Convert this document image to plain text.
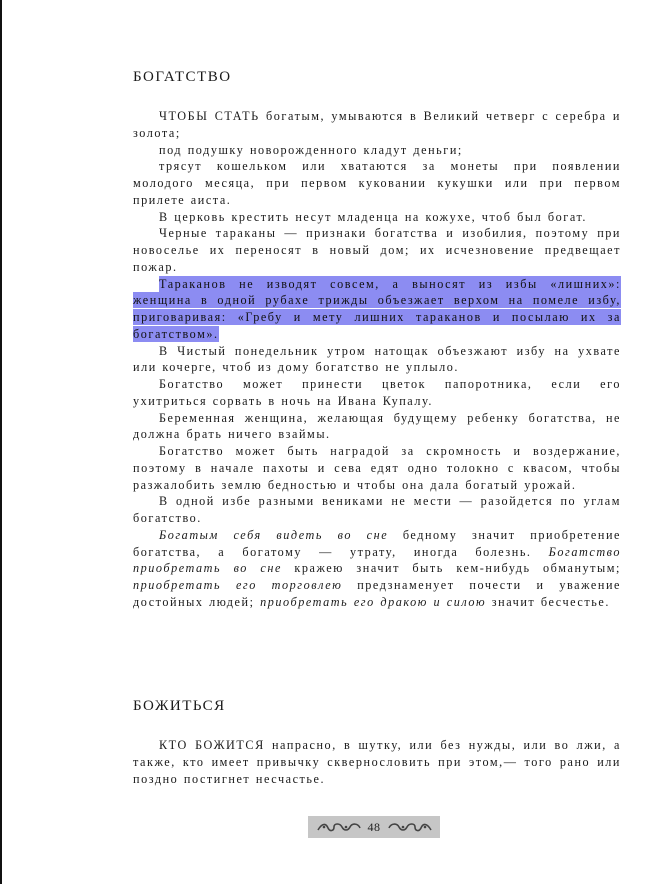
БОГАТСТВО

ЧТОБЫ СТАТЬ богатым, умываются в Великий четверг с серебра и золота;

под подушку новорожденного кладут деньги;

трясут кошельком или хватаются за монеты при появлении молодого месяца, при первом куковании кукушки или при первом прилете аиста.

В церковь крестить несут младенца на кожухе, чтоб был богат.

Черные тараканы — признаки богатства и изобилия, поэтому при новоселье их переносят в новый дом; их исчезновение предвещает пожар.

Тараканов не изводят совсем, а выносят из избы «лишних»: женщина в одной рубахе трижды объезжает верхом на помеле избу, приговаривая: «Гребу и мету лишних тараканов и посылаю их за богатством».

В Чистый понедельник утром натощак объезжают избу на ухвате или кочерге, чтоб из дому богатство не уплыло.

Богатство может принести цветок папоротника, если его ухитриться сорвать в ночь на Ивана Купалу.

Беременная женщина, желающая будущему ребенку богатства, не должна брать ничего взаймы.

Богатство может быть наградой за скромность и воздержание, поэтому в начале пахоты и сева едят одно толокно с квасом, чтобы разжалобить землю бедностью и чтобы она дала богатый урожай.

В одной избе разными вениками не мести — разойдется по углам богатство.

Богатым себя видеть во сне бедному значит приобретение богатства, а богатому — утрату, иногда болезнь. Богатство приобретать во сне кражею значит быть кем-нибудь обманутым; приобретать его торговлею предзнаменует почести и уважение достойных людей; приобретать его дракою и силою значит бесчестье.

БОЖИТЬСЯ

КТО БОЖИТСЯ напрасно, в шутку, или без нужды, или во лжи, а также, кто имеет привычку сквернословить при этом,— того рано или поздно постигнет несчастье.

48
